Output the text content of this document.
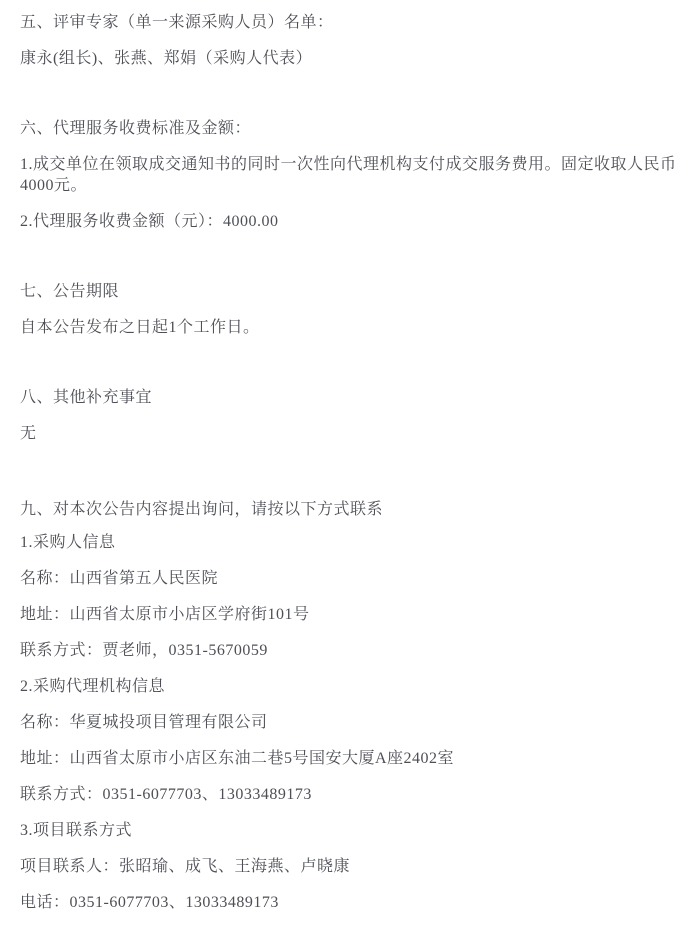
五、评审专家（单一来源采购人员）名单：
康永(组长)、张燕、郑娟（采购人代表）
六、代理服务收费标准及金额：
1.成交单位在领取成交通知书的同时一次性向代理机构支付成交服务费用。固定收取人民币
4000元。
2.代理服务收费金额（元）：4000.00
七、公告期限
自本公告发布之日起1个工作日。
八、其他补充事宜
无
九、对本次公告内容提出询问，请按以下方式联系
1.采购人信息
名称：山西省第五人民医院
地址：山西省太原市小店区学府街101号
联系方式：贾老师，0351-5670059
2.采购代理机构信息
名称：华夏城投项目管理有限公司
地址：山西省太原市小店区东油二巷5号国安大厦A座2402室
联系方式：0351-6077703、13033489173
3.项目联系方式
项目联系人：张昭瑜、成飞、王海燕、卢晓康
电话：0351-6077703、13033489173
